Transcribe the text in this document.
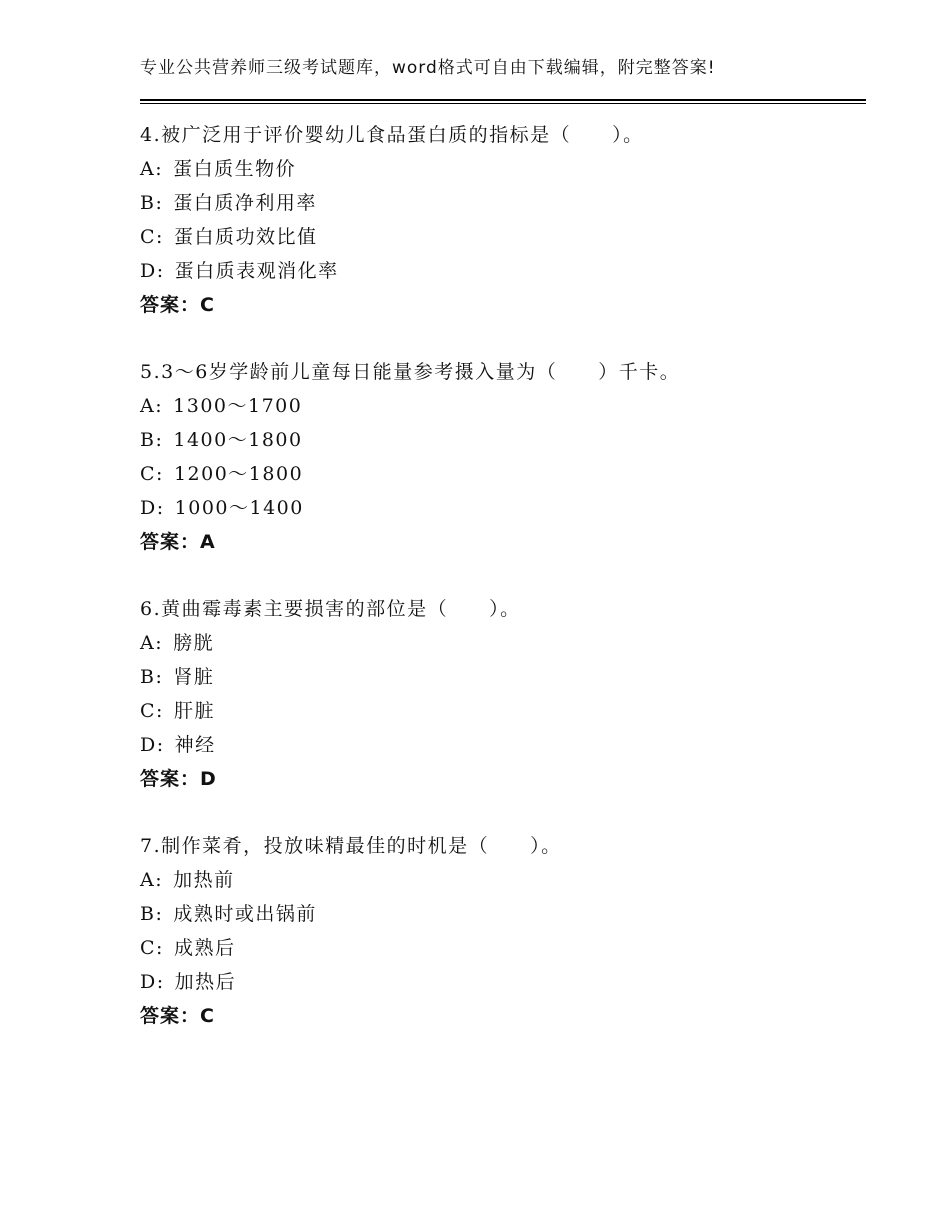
专业公共营养师三级考试题库，word格式可自由下载编辑，附完整答案!
4.被广泛用于评价婴幼儿食品蛋白质的指标是（　　）。
A: 蛋白质生物价
B: 蛋白质净利用率
C: 蛋白质功效比值
D: 蛋白质表观消化率
答案：C
5.3～6岁学龄前儿童每日能量参考摄入量为（　　）千卡。
A: 1300～1700
B: 1400～1800
C: 1200～1800
D: 1000～1400
答案：A
6.黄曲霉毒素主要损害的部位是（　　）。
A: 膀胱
B: 肾脏
C: 肝脏
D: 神经
答案：D
7.制作菜肴，投放味精最佳的时机是（　　）。
A: 加热前
B: 成熟时或出锅前
C: 成熟后
D: 加热后
答案：C
